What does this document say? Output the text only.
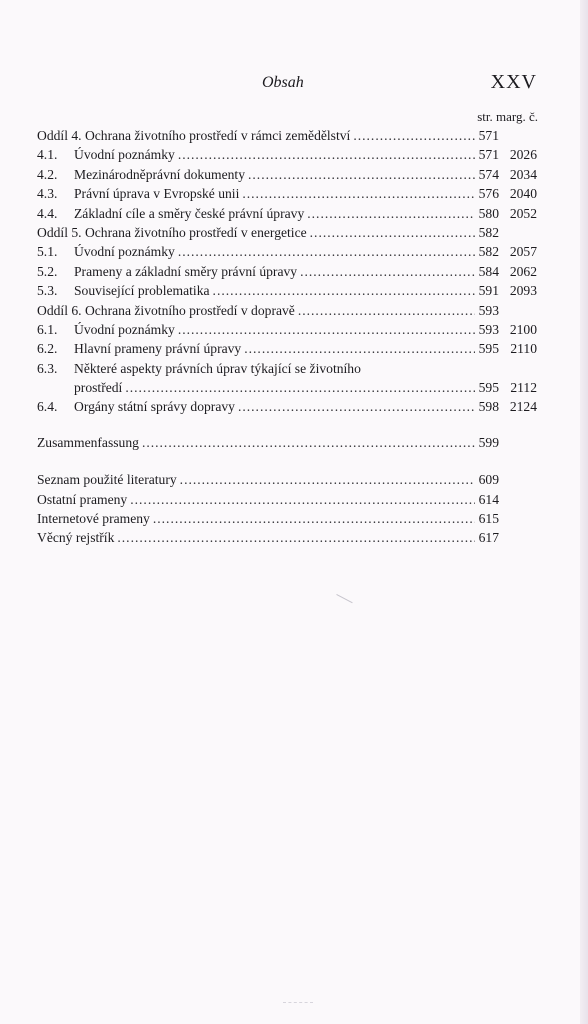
Obsah	XXV
str. marg. č.
Oddíl 4. Ochrana životního prostředí v rámci zemědělství . . .	571
4.1.	Úvodní poznámky . . .	571 2026
4.2.	Mezinárodněprávní dokumenty . . .	574 2034
4.3.	Právní úprava v Evropské unii . . .	576 2040
4.4.	Základní cíle a směry české právní úpravy . . .	580 2052
Oddíl 5. Ochrana životního prostředí v energetice . . .	582
5.1.	Úvodní poznámky . . .	582 2057
5.2.	Prameny a základní směry právní úpravy . . .	584 2062
5.3.	Související problematika . . .	591 2093
Oddíl 6. Ochrana životního prostředí v dopravě . . .	593
6.1.	Úvodní poznámky . . .	593 2100
6.2.	Hlavní prameny právní úpravy . . .	595 2110
6.3.	Některé aspekty právních úprav týkající se životního
prostředí . . .	595 2112
6.4.	Orgány státní správy dopravy . . .	598 2124
Zusammenfassung . . .	599
Seznam použité literatury . . .	609
Ostatní prameny . . .	614
Internetové prameny . . .	615
Věcný rejstřík . . .	617
